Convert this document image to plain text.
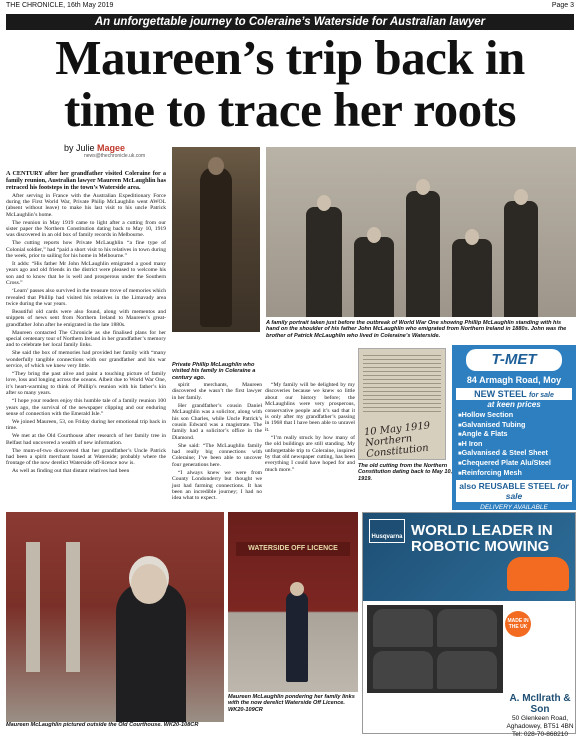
THE CHRONICLE, 16th May 2019	Page 3
An unforgettable journey to Coleraine’s Waterside for Australian lawyer
Maureen’s trip back in time to trace her roots
by Julie Magee
news@thechronicle.uk.com

A CENTURY after her grandfather visited Coleraine for a family reunion, Australian lawyer Maureen McLaughlin has retraced his footsteps in the town’s Waterside area.

After serving in France with the Australian Expeditionary Force during the First World War, Private Philip McLaughlin went AWOL (absent without leave) to make his last visit to his uncle Patrick McLaughlin’s home.

The reunion in May 1919 came to light after a cutting from our sister paper the Northern Constitution dating back to May 10, 1919 was discovered in an old box of family records in Melbourne.

The cutting reports how Private McLaughlin “a fine type of Colonial soldier,” had “paid a short visit to his relatives in town during the week, prior to sailing for his home in Melbourne.”

It adds: “His father Mr John McLaughlin emigrated a good many years ago and old friends in the district were pleased to welcome his son and to know that he is well and prosperous under the Southern Cross.”

‘Learn’ passes also survived in the treasure trove of memories which revealed that Phillip had visited his relatives in the Limavady area twice during the war years.

Beautiful old cards were also found, along with mementos and snippets of news sent from Northern Ireland to Maureen’s great-grandfather John after he emigrated in the late 1880s.

Maureen contacted The Chronicle as she finalised plans for her special centenary tour of Northern Ireland in her grandfather’s memory and to celebrate her local family links.

She said the box of memories had provided her family with “many wonderfully tangible connections with our grandfather and his war service, of which we knew very little.

“They bring the past alive and paint a touching picture of family love, loss and longing across the oceans. Albeit due to World War One, it’s heart-warming to think of Phillip’s reunion with his father’s kin after so many years.

“I hope your readers enjoy this humble tale of a family reunion 100 years ago, the survival of the newspaper clipping and our enduring sense of connection with the Emerald Isle.”

We joined Maureen, 53, on Friday during her emotional trip back in time.

We met at the Old Courthouse after research of her family tree in Belfast had uncovered a wealth of new information.

The mum-of-two discovered that her grandfather’s Uncle Patrick had been a spirit merchant based at Waterside; probably where the frontage of the now derelict Waterside off-licence now is.

As well as finding out that distant relatives had been

Private Phillip McLaughlin who visited his family in Coleraine a century ago.
A family portrait taken just before the outbreak of World War One showing Phillip McLaughlin standing with his hand on the shoulder of his father John McLaughlin who emigrated from Northern Ireland in 1880s. John was the brother of Patrick McLaughlin who lived in Coleraine’s Waterside.

spirit merchants, Maureen discovered she wasn’t the first lawyer in her family.

Her grandfather’s cousin Daniel McLaughlin was a solicitor, along with his son Charles, while Uncle Patrick’s cousin Edward was a magistrate. The family had a solicitor’s office in the Diamond.

She said: “The McLaughlin family had really big connections with Coleraine; I’ve been able to uncover four generations here.

“I always knew we were from County Londonderry but thought we just had farming connections. It has been an incredible journey; I had no idea what to expect.

“My family will be delighted by my discoveries because we knew so little about our history before; the McLaughlins were very prosperous, conservative people and it’s sad that it is only after my grandfather’s passing in 1968 that I have been able to unravel it.

“I’m really struck by how many of the old buildings are still standing. My unforgettable trip to Coleraine, inspired by that old newspaper cutting, has been everything I could have hoped for and much more.”

10 May 1919 Northern Constitution
The old cutting from the Northern Constitution dating back to May 10, 1919.
T-MET
84 Armagh Road, Moy
NEW STEEL for sale
at keen prices
■ Hollow Section
■ Galvanised Tubing
■ Angle & Flats
■ H Iron
■ Galvanised & Steel Sheet
■ Chequered Plate Alu/Steel
■ Reinforcing Mesh
also REUSABLE STEEL for sale
DELIVERY AVAILABLE
Maureen McLaughlin pictured outside the Old Courthouse. WK20-108CR
WATERSIDE OFF LICENCE
Maureen McLaughlin pondering her family links with the now derelict Waterside Off Licence. WK20-109CR
Husqvarna WORLD LEADER IN ROBOTIC MOWING
MADE IN THE UK
A. McIlrath & Son
50 Glenkeen Road, Aghadowey, BT51 4BN
Tel: 028-70-868210
